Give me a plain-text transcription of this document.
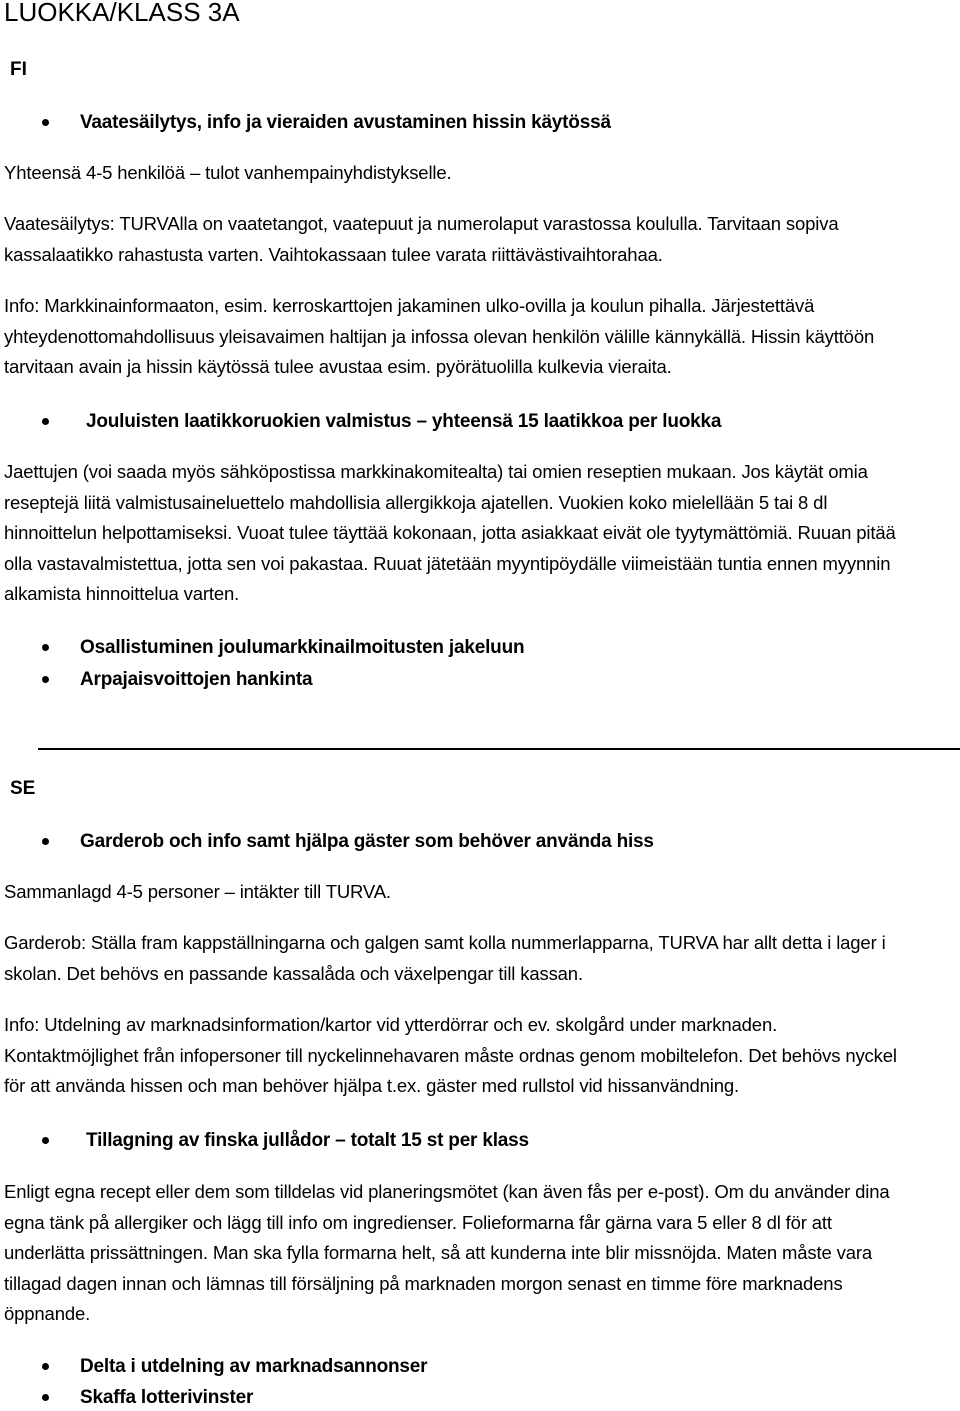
LUOKKA/KLASS 3A
FI
Vaatesäilytys, info ja vieraiden avustaminen hissin käytössä
Yhteensä 4-5 henkilöä – tulot vanhempainyhdistykselle.
Vaatesäilytys: TURVAlla on vaatetangot, vaatepuut ja numerolaput varastossa koululla. Tarvitaan sopiva
kassalaatikko rahastusta varten. Vaihtokassaan tulee varata riittävästivaihtorahaa.
Info: Markkinainformaaton, esim. kerroskarttojen jakaminen ulko-ovilla ja koulun pihalla. Järjestettävä
yhteydenottomahdollisuus yleisavaimen haltijan ja infossa olevan henkilön välille kännykällä. Hissin käyttöön
tarvitaan avain ja hissin käytössä tulee avustaa esim. pyörätuolilla kulkevia vieraita.
Jouluisten laatikkoruokien valmistus – yhteensä 15 laatikkoa per luokka
Jaettujen (voi saada myös sähköpostissa markkinakomitealta) tai omien reseptien mukaan. Jos käytät omia
reseptejä liitä valmistusaineluettelo mahdollisia allergikkoja ajatellen. Vuokien koko mielellään 5 tai 8 dl
hinnoittelun helpottamiseksi. Vuoat tulee täyttää kokonaan, jotta asiakkaat eivät ole tyytymättömiä. Ruuan pitää
olla vastavalmistettua, jotta sen voi pakastaa. Ruuat jätetään myyntipöydälle viimeistään tuntia ennen myynnin
alkamista hinnoittelua varten.
Osallistuminen joulumarkkinailmoitusten jakeluun
Arpajaisvoittojen hankinta
SE
Garderob och info samt hjälpa gäster som behöver använda hiss
Sammanlagd 4-5 personer – intäkter till TURVA.
Garderob: Ställa fram kappställningarna och galgen samt kolla nummerlapparna, TURVA har allt detta i lager i
skolan. Det behövs en passande kassalåda och växelpengar till kassan.
Info: Utdelning av marknadsinformation/kartor vid ytterdörrar och ev. skolgård under marknaden.
Kontaktmöjlighet från infopersoner till nyckelinnehavaren måste ordnas genom mobiltelefon. Det behövs nyckel
för att använda hissen och man behöver hjälpa t.ex. gäster med rullstol vid hissanvändning.
Tillagning av finska jullådor – totalt 15 st per klass
Enligt egna recept eller dem som tilldelas vid planeringsmötet (kan även fås per e-post). Om du använder dina
egna tänk på allergiker och lägg till info om ingredienser. Folieformarna får gärna vara 5 eller 8 dl för att
underlätta prissättningen. Man ska fylla formarna helt, så att kunderna inte blir missnöjda. Maten måste vara
tillagad dagen innan och lämnas till försäljning på marknaden morgon senast en timme före marknadens
öppnande.
Delta i utdelning av marknadsannonser
Skaffa lotterivinster
